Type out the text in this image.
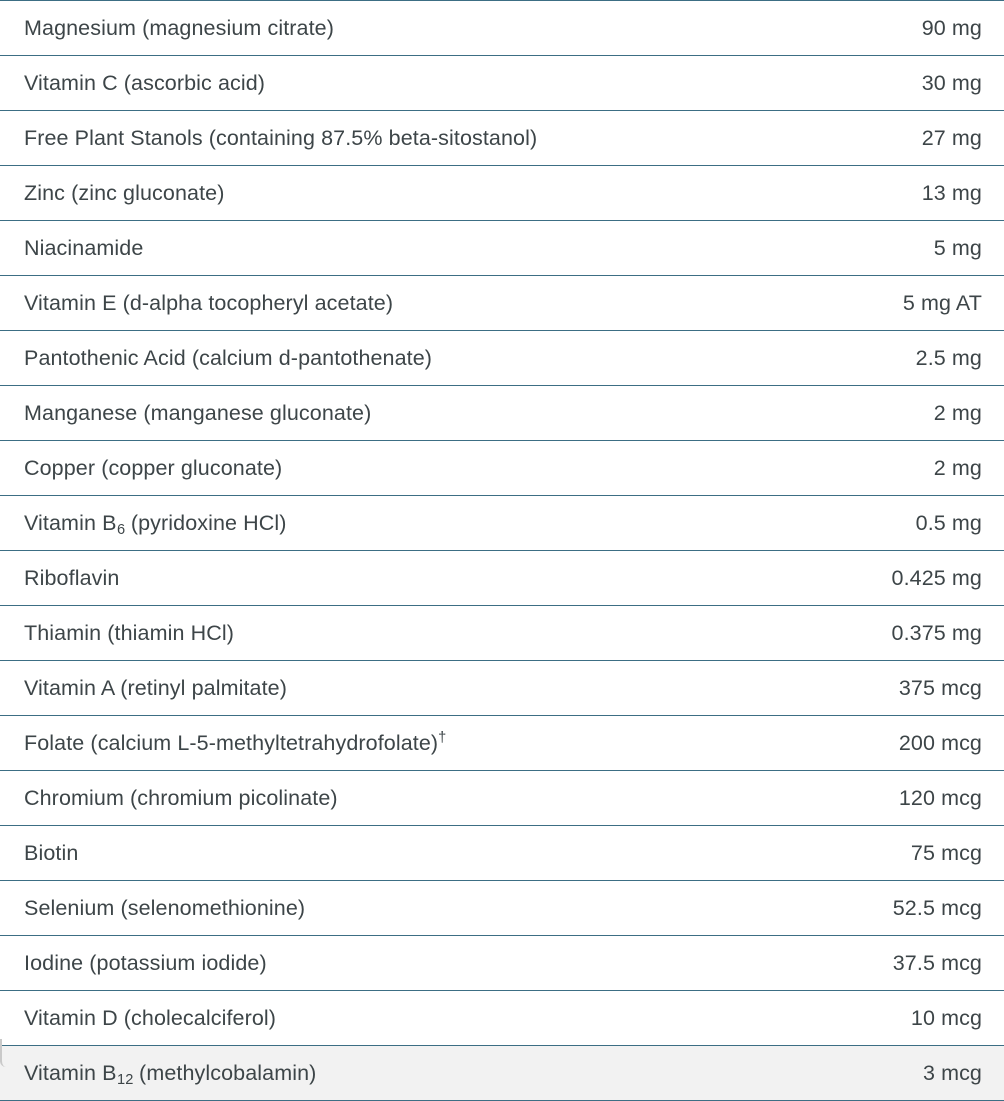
Magnesium (magnesium citrate)	90 mg
Vitamin C (ascorbic acid)	30 mg
Free Plant Stanols (containing 87.5% beta-sitostanol)	27 mg
Zinc (zinc gluconate)	13 mg
Niacinamide	5 mg
Vitamin E (d-alpha tocopheryl acetate)	5 mg AT
Pantothenic Acid (calcium d-pantothenate)	2.5 mg
Manganese (manganese gluconate)	2 mg
Copper (copper gluconate)	2 mg
Vitamin $B_6$ (pyridoxine HCl)	0.5 mg
Riboflavin	0.425 mg
Thiamin (thiamin HCl)	0.375 mg
Vitamin A (retinyl palmitate)	375 mcg
Folate (calcium L-5-methyltetrahydrofolate)†	200 mcg
Chromium (chromium picolinate)	120 mcg
Biotin	75 mcg
Selenium (selenomethionine)	52.5 mcg
Iodine (potassium iodide)	37.5 mcg
Vitamin D (cholecalciferol)	10 mcg
Vitamin $B_{12}$ (methylcobalamin)	3 mcg
